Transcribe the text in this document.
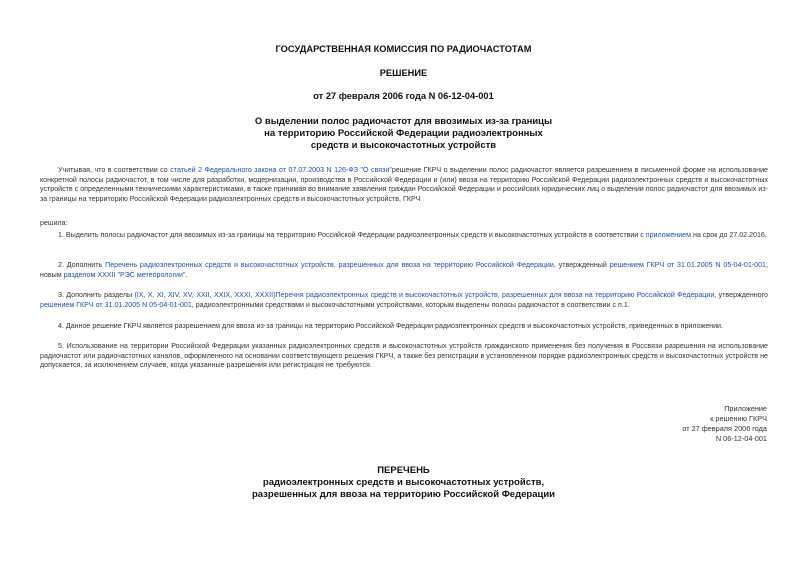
ГОСУДАРСТВЕННАЯ КОМИССИЯ ПО РАДИОЧАСТОТАМ
РЕШЕНИЕ
от 27 февраля 2006 года N 06-12-04-001
О выделении полос радиочастот для ввозимых из-за границы
на территорию Российской Федерации радиоэлектронных
средств и высокочастотных устройств
Учитывая, что в соответствии со статьей 2 Федерального закона от 07.07.2003 N 126-ФЗ "О связи"решение ГКРЧ о выделении полос радиочастот является разрешением в письменной форме на использование конкретной полосы радиочастот, в том числе для разработки, модернизации, производства в Российской Федерации и (или) ввоза на территорию Российской Федерации радиоэлектронных средств и высокочастотных устройств с определенными техническими характеристиками, в также принимая во внимание заявления граждан Российской Федерации и российских юридических лиц о выделении полос радиочастот для ввозимых из-за границы на территорию Российской Федерации радиоэлектронных средств и высокочастотных устройств, ГКРЧ
решила:
1. Выделить полосы радиочастот для ввозимых из-за границы на территорию Российской Федерации радиоэлектронных средств и высокочастотных устройств в соответствии с приложением на срок до 27.02.2016.
2. Дополнить Перечень радиоэлектронных средств и высокочастотных устройств, разрешенных для ввоза на территорию Российской Федерации, утвержденный решением ГКРЧ от 31.01.2005 N 05-04-01-001, новым разделом XXXII "РЭС метеорологии".
3. Дополнить разделы (IX, X, XI, XIV, XV, XXII, XXIX, XXXI, XXXII)Перечня радиоэлектронных средств и высокочастотных устройств, разрешенных для ввоза на территорию Российской Федерации, утвержденного решением ГКРЧ от 31.01.2005 N 05-04-01-001, радиоэлектронными средствами и высокочастотными устройствами, которым выделены полосы радиочастот в соответствии с п.1.
4. Данное решение ГКРЧ является разрешением для ввоза из-за границы на территорию Российской Федерации радиоэлектронных средств и высокочастотных устройств, приведенных в приложении.
5. Использование на территории Российской Федерации указанных радиоэлектронных средств и высокочастотных устройств гражданского применения без получения в Россвязи разрешения на использование радиочастот или радиочастотных каналов, оформленного на основании соответствующего решения ГКРЧ, а также без регистрации в установленном порядке радиоэлектронных средств и высокочастотных устройств не допускается, за исключением случаев, когда указанные разрешения или регистрация не требуются.
Приложение
к решению ГКРЧ
от 27 февраля 2006 года
N 06-12-04-001
ПЕРЕЧЕНЬ
радиоэлектронных средств и высокочастотных устройств,
разрешенных для ввоза на территорию Российской Федерации
